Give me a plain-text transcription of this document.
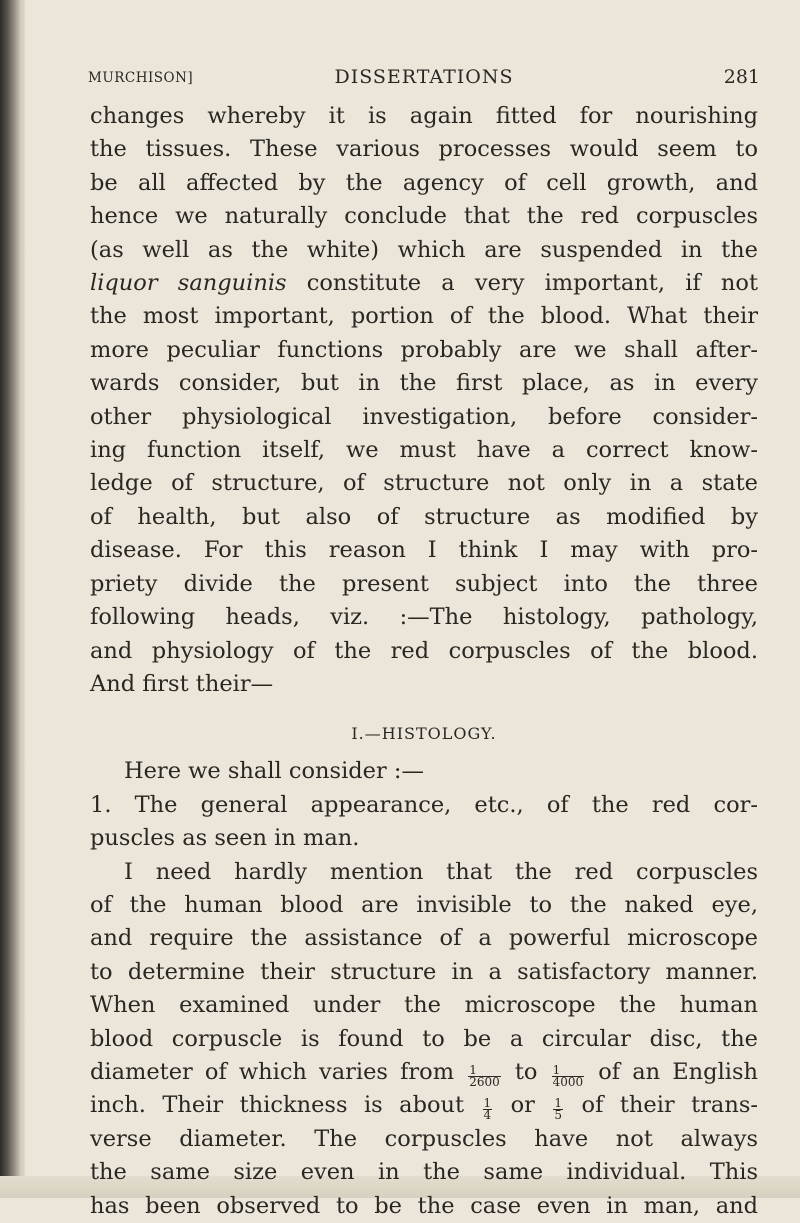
MURCHISON]	DISSERTATIONS	281

changes whereby it is again fitted for nourishing
the tissues. These various processes would seem to
be all affected by the agency of cell growth, and
hence we naturally conclude that the red corpuscles
(as well as the white) which are suspended in the
liquor sanguinis constitute a very important, if not
the most important, portion of the blood. What their
more peculiar functions probably are we shall after-
wards consider, but in the first place, as in every
other physiological investigation, before consider-
ing function itself, we must have a correct know-
ledge of structure, of structure not only in a state
of health, but also of structure as modified by
disease. For this reason I think I may with pro-
priety divide the present subject into the three
following heads, viz. :—The histology, pathology,
and physiology of the red corpuscles of the blood.
And first their—

I.—HISTOLOGY.

Here we shall consider :—

1. The general appearance, etc., of the red cor-
puscles as seen in man.

I need hardly mention that the red corpuscles
of the human blood are invisible to the naked eye,
and require the assistance of a powerful microscope
to determine their structure in a satisfactory manner.
When examined under the microscope the human
blood corpuscle is found to be a circular disc, the
diameter of which varies from $\frac{1}{2600}$ to $\frac{1}{4000}$ of an English
inch. Their thickness is about $\frac{1}{4}$ or $\frac{1}{5}$ of their trans-
verse diameter. The corpuscles have not always
the same size even in the same individual. This
has been observed to be the case even in man, and
